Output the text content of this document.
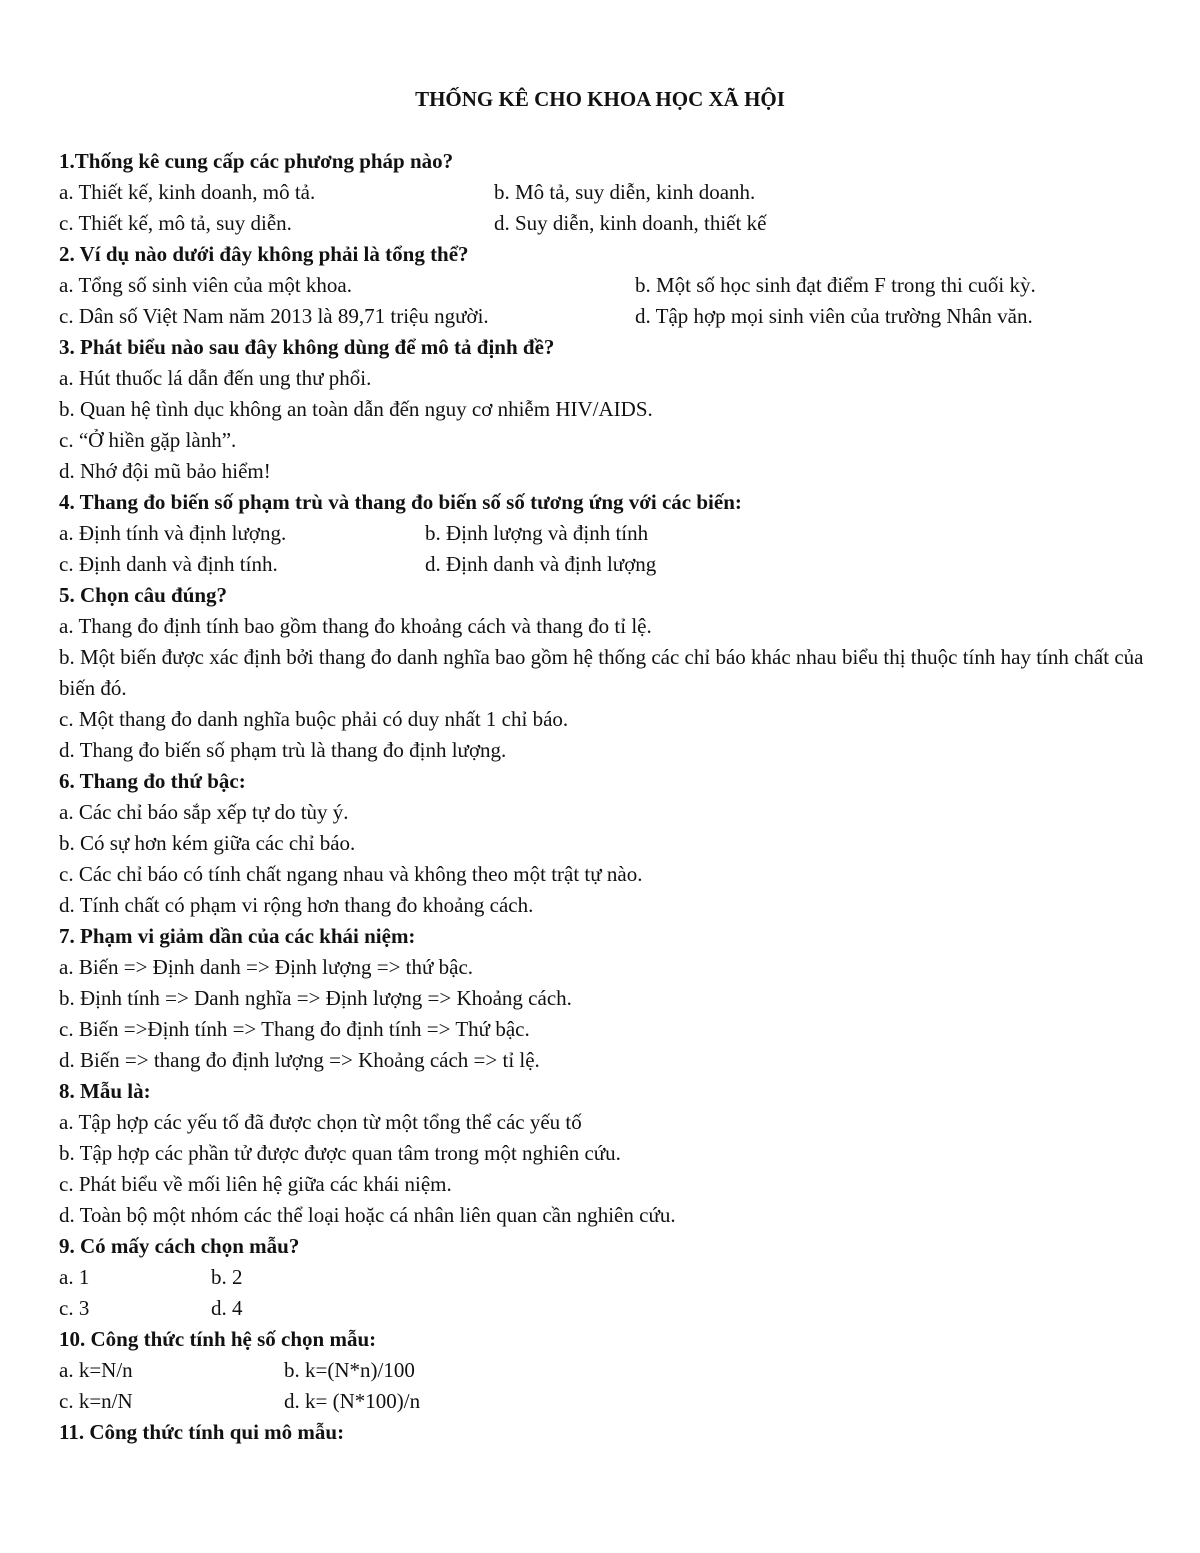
THỐNG KÊ CHO KHOA HỌC XÃ HỘI
1.Thống kê cung cấp các phương pháp nào?
a. Thiết kế, kinh doanh, mô tả.	b. Mô tả, suy diễn, kinh doanh.
c. Thiết kế, mô tả, suy diễn.	d. Suy diễn, kinh doanh, thiết kế
2. Ví dụ nào dưới đây không phải là tổng thể?
a. Tổng số sinh viên của một khoa.	b. Một số học sinh đạt điểm F trong thi cuối kỳ.
c. Dân số Việt Nam năm 2013 là 89,71 triệu người.	d. Tập hợp mọi sinh viên của trường Nhân văn.
3. Phát biểu nào sau đây không dùng để mô tả định đề?
a. Hút thuốc lá dẫn đến ung thư phổi.
b. Quan hệ tình dục không an toàn dẫn đến nguy cơ nhiễm HIV/AIDS.
c. “Ở hiền gặp lành”.
d. Nhớ đội mũ bảo hiểm!
4. Thang đo biến số phạm trù và thang đo biến số số tương ứng với các biến:
a. Định tính và định lượng.	b. Định lượng và định tính
c. Định danh và định tính.	d. Định danh và định lượng
5. Chọn câu đúng?
a. Thang đo định tính bao gồm thang đo khoảng cách và thang đo tỉ lệ.
b. Một biến được xác định bởi thang đo danh nghĩa bao gồm hệ thống các chỉ báo khác nhau biểu thị thuộc tính hay tính chất của biến đó.
c. Một thang đo danh nghĩa buộc phải có duy nhất 1 chỉ báo.
d. Thang đo biến số phạm trù là thang đo định lượng.
6. Thang đo thứ bậc:
a. Các chỉ báo sắp xếp tự do tùy ý.
b. Có sự hơn kém giữa các chỉ báo.
c. Các chỉ báo có tính chất ngang nhau và không theo một trật tự nào.
d. Tính chất có phạm vi rộng hơn thang đo khoảng cách.
7. Phạm vi giảm dần của các khái niệm:
a. Biến => Định danh => Định lượng => thứ bậc.
b. Định tính => Danh nghĩa => Định lượng => Khoảng cách.
c. Biến =>Định tính => Thang đo định tính => Thứ bậc.
d. Biến => thang đo định lượng => Khoảng cách => tỉ lệ.
8. Mẫu là:
a. Tập hợp các yếu tố đã được chọn từ một tổng thể các yếu tố
b. Tập hợp các phần tử được được quan tâm trong một nghiên cứu.
c. Phát biểu về mối liên hệ giữa các khái niệm.
d. Toàn bộ một nhóm các thể loại hoặc cá nhân liên quan cần nghiên cứu.
9. Có mấy cách chọn mẫu?
a. 1	b. 2
c. 3	d. 4
10. Công thức tính hệ số chọn mẫu:
a. k=N/n	b. k=(N*n)/100
c. k=n/N	d. k= (N*100)/n
11. Công thức tính qui mô mẫu:
